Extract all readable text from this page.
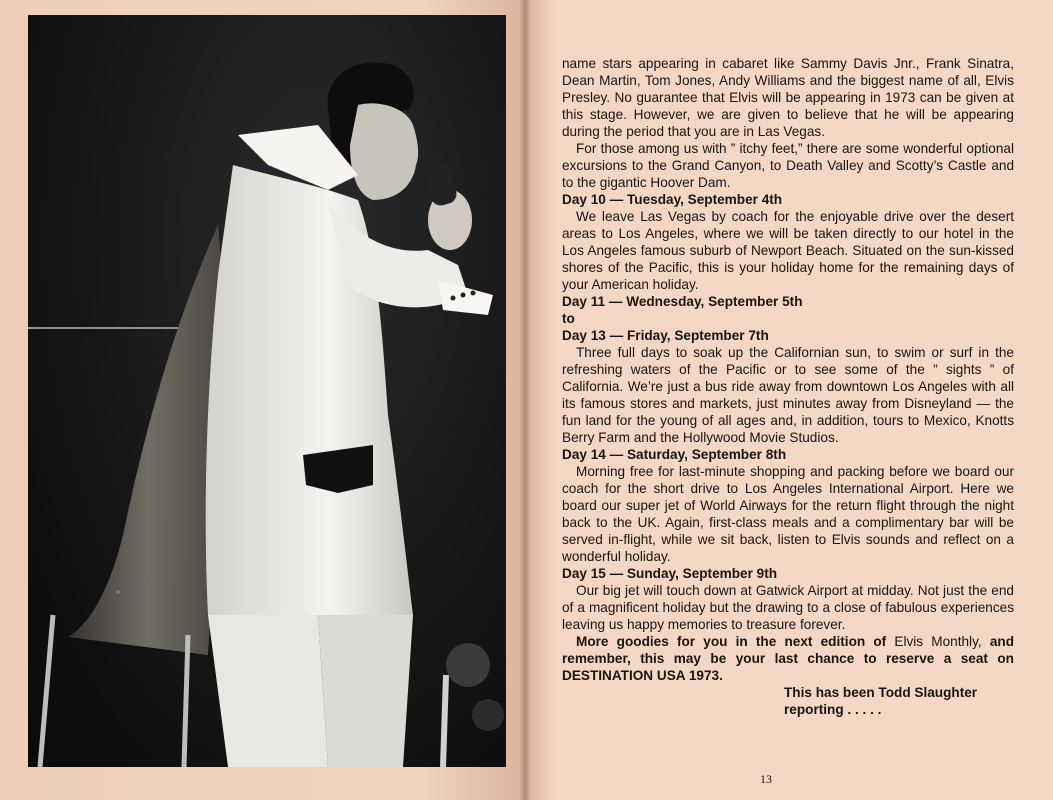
name stars appearing in cabaret like Sammy Davis Jnr., Frank Sinatra, Dean Martin, Tom Jones, Andy Williams and the biggest name of all, Elvis Presley. No guarantee that Elvis will be appearing in 1973 can be given at this stage. However, we are given to believe that he will be appearing during the period that you are in Las Vegas.

For those among us with ” itchy feet,” there are some wonderful optional excursions to the Grand Canyon, to Death Valley and Scotty’s Castle and to the gigantic Hoover Dam.

Day 10 — Tuesday, September 4th

We leave Las Vegas by coach for the enjoyable drive over the desert areas to Los Angeles, where we will be taken directly to our hotel in the Los Angeles famous suburb of Newport Beach. Situated on the sun-kissed shores of the Pacific, this is your holiday home for the remaining days of your American holiday.

Day 11 — Wednesday, September 5th

to

Day 13 — Friday, September 7th

Three full days to soak up the Californian sun, to swim or surf in the refreshing waters of the Pacific or to see some of the ” sights ” of California. We’re just a bus ride away from downtown Los Angeles with all its famous stores and markets, just minutes away from Disneyland — the fun land for the young of all ages and, in addition, tours to Mexico, Knotts Berry Farm and the Hollywood Movie Studios.

Day 14 — Saturday, September 8th

Morning free for last-minute shopping and packing before we board our coach for the short drive to Los Angeles International Airport. Here we board our super jet of World Airways for the return flight through the night back to the UK. Again, first-class meals and a complimentary bar will be served in-flight, while we sit back, listen to Elvis sounds and reflect on a wonderful holiday.

Day 15 — Sunday, September 9th

Our big jet will touch down at Gatwick Airport at midday. Not just the end of a magnificent holiday but the drawing to a close of fabulous experiences leaving us happy memories to treasure forever.

More goodies for you in the next edition of Elvis Monthly, and remember, this may be your last chance to reserve a seat on DESTINATION USA 1973.

This has been Todd Slaughter

reporting . . . . .

13
